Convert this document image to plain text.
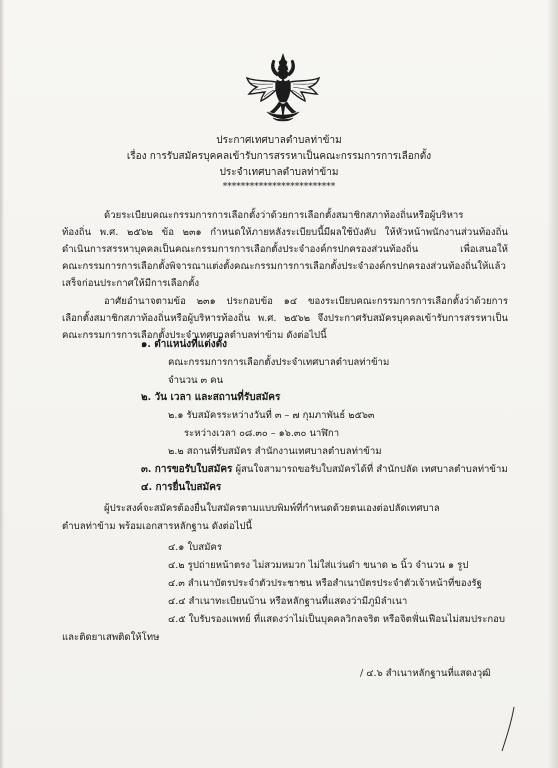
ประกาศเทศบาลตำบลท่าข้าม
เรื่อง การรับสมัครบุคคลเข้ารับการสรรหาเป็นคณะกรรมการการเลือกตั้ง
ประจำเทศบาลตำบลท่าข้าม
*************************
ด้วยระเบียบคณะกรรมการการเลือกตั้งว่าด้วยการเลือกตั้งสมาชิกสภาท้องถิ่นหรือผู้บริหาร
ท้องถิ่น พ.ศ. ๒๕๖๒ ข้อ ๒๓๑ กำหนดให้ภายหลังระเบียบนี้มีผลใช้บังคับ ให้หัวหน้าพนักงานส่วนท้องถิ่น
ดำเนินการสรรหาบุคคลเป็นคณะกรรมการการเลือกตั้งประจำองค์กรปกครองส่วนท้องถิ่น เพื่อเสนอให้
คณะกรรมการการเลือกตั้งพิจารณาแต่งตั้งคณะกรรมการการเลือกตั้งประจำองค์กรปกครองส่วนท้องถิ่นให้แล้ว
เสร็จก่อนประกาศให้มีการเลือกตั้ง
อาศัยอำนาจตามข้อ ๒๓๑ ประกอบข้อ ๑๔ ของระเบียบคณะกรรมการการเลือกตั้งว่าด้วยการ
เลือกตั้งสมาชิกสภาท้องถิ่นหรือผู้บริหารท้องถิ่น พ.ศ. ๒๕๖๒ จึงประกาศรับสมัครบุคคลเข้ารับการสรรหาเป็น
คณะกรรมการการเลือกตั้งประจำเทศบาลตำบลท่าข้าม ดังต่อไปนี้
๑. ตำแหน่งที่แต่งตั้ง
คณะกรรมการการเลือกตั้งประจำเทศบาลตำบลท่าข้าม
จำนวน ๓ คน
๒. วัน เวลา และสถานที่รับสมัคร
๒.๑ รับสมัครระหว่างวันที่ ๓ – ๗ กุมภาพันธ์ ๒๕๖๓
ระหว่างเวลา ๐๘.๓๐ – ๑๖.๓๐ นาฬิกา
๒.๒ สถานที่รับสมัคร สำนักงานเทศบาลตำบลท่าข้าม
๓. การขอรับใบสมัคร ผู้สนใจสามารถขอรับใบสมัครได้ที่ สำนักปลัด เทศบาลตำบลท่าข้าม
๔. การยื่นใบสมัคร
ผู้ประสงค์จะสมัครต้องยื่นใบสมัครตามแบบพิมพ์ที่กำหนดด้วยตนเองต่อปลัดเทศบาล
ตำบลท่าข้าม พร้อมเอกสารหลักฐาน ดังต่อไปนี้
๔.๑ ใบสมัคร
๔.๒ รูปถ่ายหน้าตรง ไม่สวมหมวก ไม่ใส่แว่นดำ ขนาด ๒ นิ้ว จำนวน ๑ รูป
๔.๓ สำเนาบัตรประจำตัวประชาชน หรือสำเนาบัตรประจำตัวเจ้าหน้าที่ของรัฐ
๔.๔ สำเนาทะเบียนบ้าน หรือหลักฐานที่แสดงว่ามีภูมิลำเนา
๔.๕ ใบรับรองแพทย์ ที่แสดงว่าไม่เป็นบุคคลวิกลจริต หรือจิตฟั่นเฟือนไม่สมประกอบ
และติดยาเสพติดให้โทษ
/ ๔.๖ สำเนาหลักฐานที่แสดงวุฒิ
